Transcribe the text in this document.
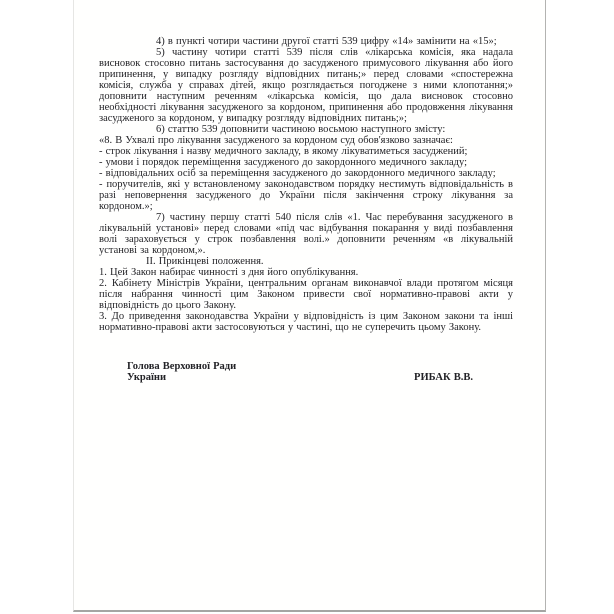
4) в пункті чотири частини другої статті 539 цифру «14» замінити на «15»;

5) частину чотири статті 539 після слів «лікарська комісія, яка надала висновок стосовно питань застосування до засудженого примусового лікування або його припинення, у випадку розгляду відповідних питань;» перед словами «спостережна комісія, служба у справах дітей, якщо розглядається погоджене з ними клопотання;» доповнити наступним реченням «лікарська комісія, що дала висновок стосовно необхідності лікування засудженого за кордоном, припинення або продовження лікування засудженого за кордоном, у випадку розгляду відповідних питань;»;

6) статтю 539 доповнити частиною восьмою наступного змісту:

«8. В Ухвалі про лікування засудженого за кордоном суд обов'язково зазначає:

- строк лікування і назву медичного закладу, в якому лікуватиметься засуджений;

- умови і порядок переміщення засудженого до закордонного медичного закладу;

- відповідальних осіб за переміщення засудженого до закордонного медичного закладу;

- поручителів, які у встановленому законодавством порядку нестимуть відповідальність в разі неповернення засудженого до України після закінчення строку лікування за кордоном.»;

7) частину першу статті 540 після слів «1. Час перебування засудженого в лікувальній установі» перед словами «під час відбування покарання у виді позбавлення волі зараховується у строк позбавлення волі.» доповнити реченням «в лікувальній установі за кордоном,».

ІІ. Прикінцеві положення.

1. Цей Закон набирає чинності з дня його опублікування.

2. Кабінету Міністрів України, центральним органам виконавчої влади протягом місяця після набрання чинності цим Законом привести свої нормативно-правові акти у відповідність до цього Закону.

3. До приведення законодавства України у відповідність із цим Законом закони та інші нормативно-правові акти застосовуються у частині, що не суперечить цьому Закону.

Голова Верховної Ради
України	РИБАК В.В.
